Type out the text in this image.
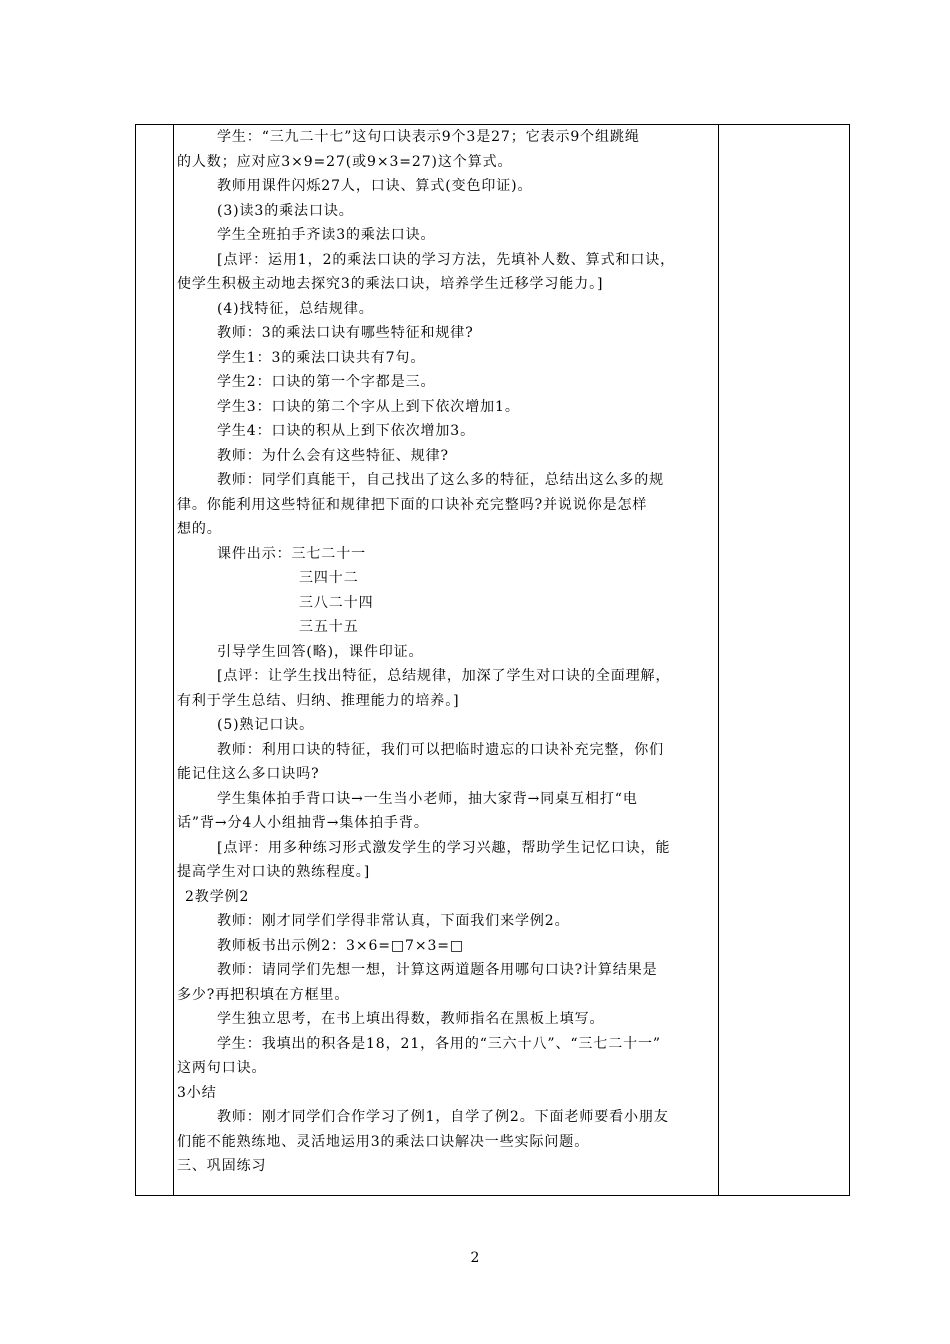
学生：“三九二十七”这句口诀表示9个3是27；它表示9个组跳绳
的人数；应对应3×9=27(或9×3=27)这个算式。
教师用课件闪烁27人，口诀、算式(变色印证)。
(3)读3的乘法口诀。
学生全班拍手齐读3的乘法口诀。
[点评：运用1，2的乘法口诀的学习方法，先填补人数、算式和口诀，
使学生积极主动地去探究3的乘法口诀，培养学生迁移学习能力。]
(4)找特征，总结规律。
教师：3的乘法口诀有哪些特征和规律?
学生1：3的乘法口诀共有7句。
学生2：口诀的第一个字都是三。
学生3：口诀的第二个字从上到下依次增加1。
学生4：口诀的积从上到下依次增加3。
教师：为什么会有这些特征、规律?
教师：同学们真能干，自己找出了这么多的特征，总结出这么多的规
律。你能利用这些特征和规律把下面的口诀补充完整吗?并说说你是怎样
想的。
课件出示：三七二十一
三四十二
三八二十四
三五十五
引导学生回答(略)，课件印证。
[点评：让学生找出特征，总结规律，加深了学生对口诀的全面理解，
有利于学生总结、归纳、推理能力的培养。]
(5)熟记口诀。
教师：利用口诀的特征，我们可以把临时遗忘的口诀补充完整，你们
能记住这么多口诀吗?
学生集体拍手背口诀→一生当小老师，抽大家背→同桌互相打“电
话”背→分4人小组抽背→集体拍手背。
[点评：用多种练习形式激发学生的学习兴趣，帮助学生记忆口诀，能
提高学生对口诀的熟练程度。]
2教学例2
教师：刚才同学们学得非常认真，下面我们来学例2。
教师板书出示例2：3×6=□7×3=□
教师：请同学们先想一想，计算这两道题各用哪句口诀?计算结果是
多少?再把积填在方框里。
学生独立思考，在书上填出得数，教师指名在黑板上填写。
学生：我填出的积各是18，21，各用的“三六十八”、“三七二十一”
这两句口诀。
3小结
教师：刚才同学们合作学习了例1，自学了例2。下面老师要看小朋友
们能不能熟练地、灵活地运用3的乘法口诀解决一些实际问题。
三、巩固练习
2
